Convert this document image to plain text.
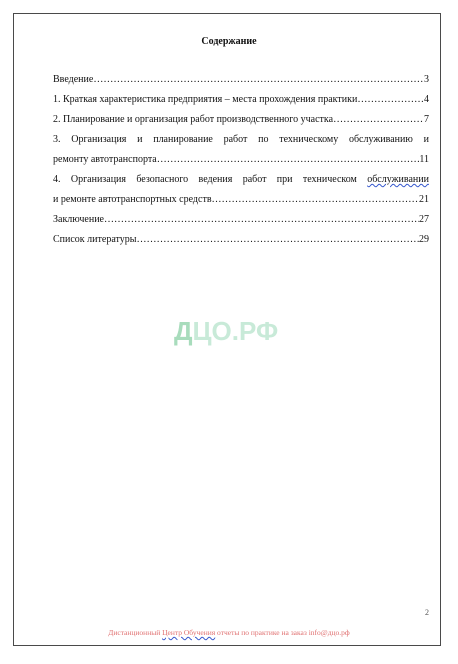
Содержание
Введение ……………………………………………………………………………………………………………………………………	3
1. Краткая характеристика предприятия – места прохождения практики ……………………………………………………………………………………………………………………………………	4
2. Планирование и организация работ производственного участка ……………………………………………………………………………………………………………………………………	7
3. Организация и планирование работ по техническому обслуживанию и
ремонту автотранспорта ……………………………………………………………………………………………………………………………………	11
4. Организация безопасного ведения работ при техническом обслуживании
и ремонте автотранспортных средств ……………………………………………………………………………………………………………………………………	21
Заключение ……………………………………………………………………………………………………………………………………	27
Список литературы ……………………………………………………………………………………………………………………………………	29
ДЦО.РФ
2
Дистанционный Центр Обучения отчеты по практике на заказ info@дцо.рф
